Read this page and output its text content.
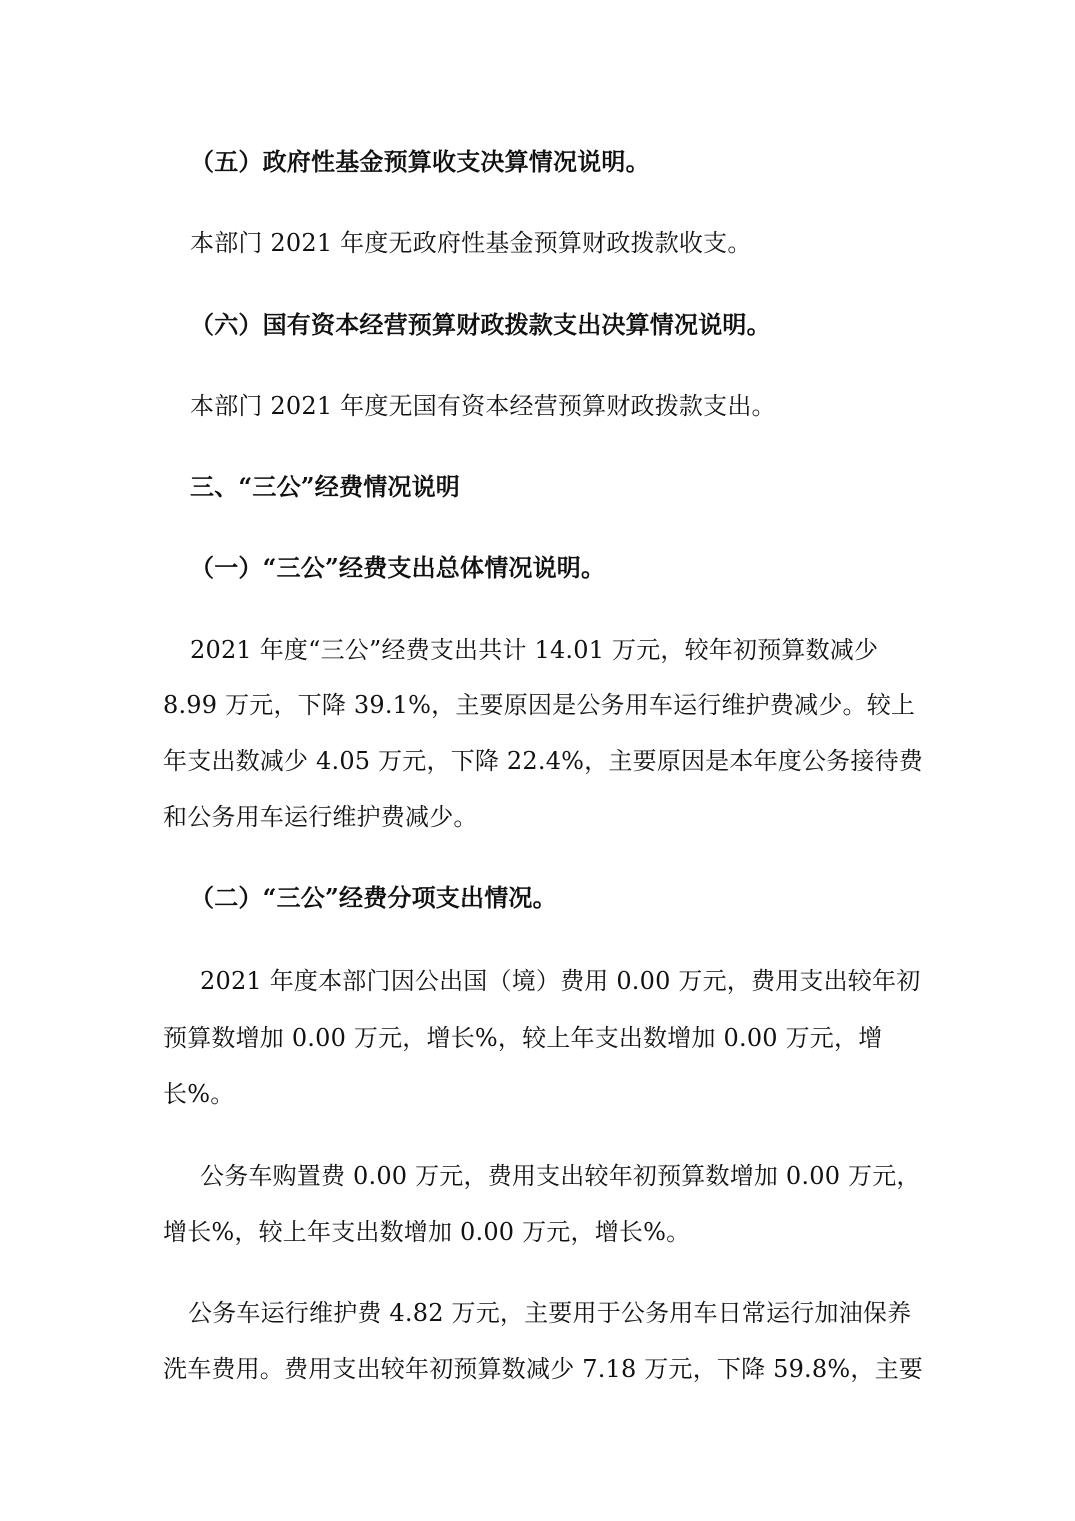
（五）政府性基金预算收支决算情况说明。
本部门 2021 年度无政府性基金预算财政拨款收支。
（六）国有资本经营预算财政拨款支出决算情况说明。
本部门 2021 年度无国有资本经营预算财政拨款支出。
三、“三公”经费情况说明
（一）“三公”经费支出总体情况说明。
2021 年度“三公”经费支出共计 14.01 万元，较年初预算数减少
8.99 万元，下降 39.1%，主要原因是公务用车运行维护费减少。较上
年支出数减少 4.05 万元，下降 22.4%，主要原因是本年度公务接待费
和公务用车运行维护费减少。
（二）“三公”经费分项支出情况。
2021 年度本部门因公出国（境）费用 0.00 万元，费用支出较年初
预算数增加 0.00 万元，增长%，较上年支出数增加 0.00 万元，增
长%。
公务车购置费 0.00 万元，费用支出较年初预算数增加 0.00 万元，
增长%，较上年支出数增加 0.00 万元，增长%。
公务车运行维护费 4.82 万元，主要用于公务用车日常运行加油保养
洗车费用。费用支出较年初预算数减少 7.18 万元，下降 59.8%，主要
